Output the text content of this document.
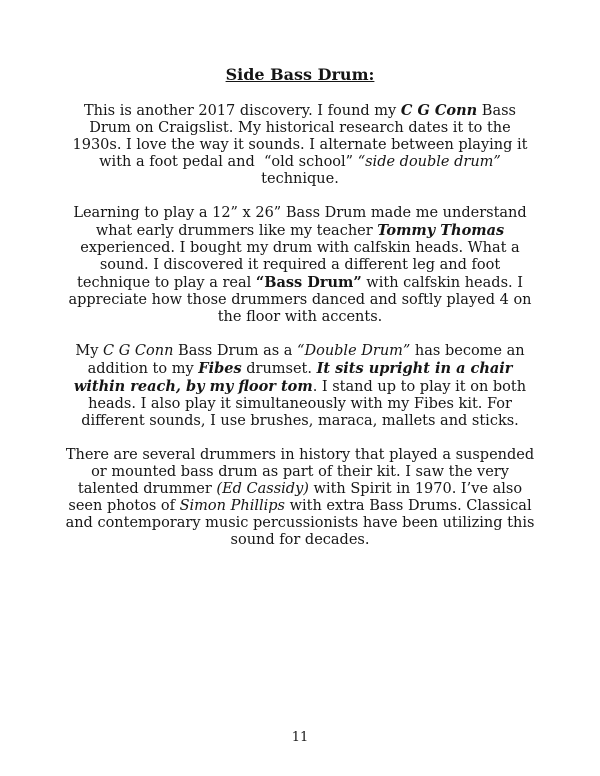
Side Bass Drum:

This is another 2017 discovery. I found my C G Conn Bass Drum on Craigslist. My historical research dates it to the 1930s. I love the way it sounds. I alternate between playing it with a foot pedal and  “old school” “side double drum” technique.

Learning to play a 12” x 26” Bass Drum made me understand what early drummers like my teacher Tommy Thomas experienced. I bought my drum with calfskin heads. What a sound. I discovered it required a different leg and foot technique to play a real “Bass Drum” with calfskin heads. I appreciate how those drummers danced and softly played 4 on the floor with accents.

My C G Conn Bass Drum as a “Double Drum” has become an addition to my Fibes drumset. It sits upright in a chair within reach, by my floor tom. I stand up to play it on both heads. I also play it simultaneously with my Fibes kit. For different sounds, I use brushes, maraca, mallets and sticks.

There are several drummers in history that played a suspended or mounted bass drum as part of their kit. I saw the very talented drummer (Ed Cassidy) with Spirit in 1970. I’ve also seen photos of Simon Phillips with extra Bass Drums. Classical and contemporary music percussionists have been utilizing this sound for decades.

11
